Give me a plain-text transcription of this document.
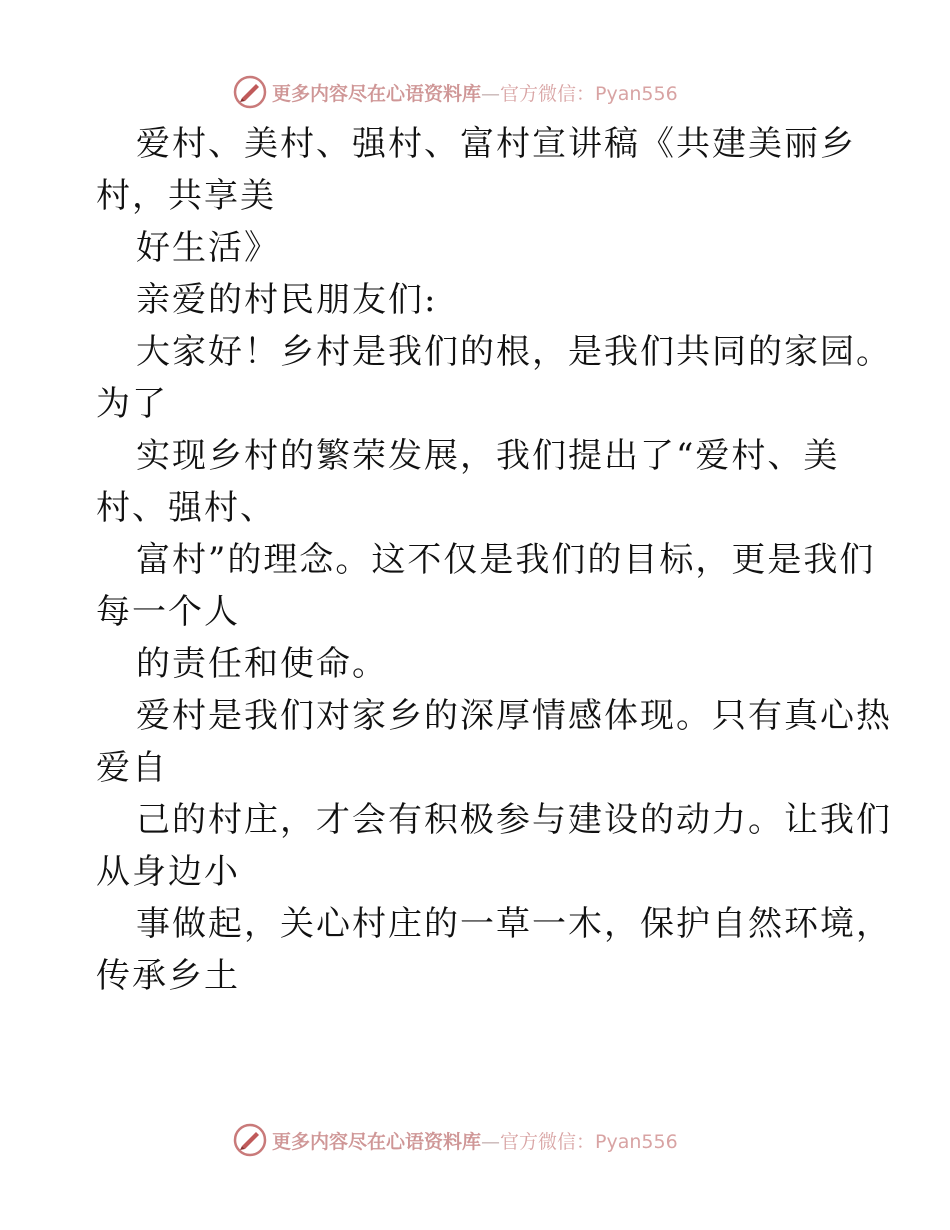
更多内容尽在心语资料库—官方微信：Pyan556
爱村、美村、强村、富村宣讲稿《共建美丽乡
村，共享美
好生活》
亲爱的村民朋友们:
大家好！乡村是我们的根，是我们共同的家园。
为了
实现乡村的繁荣发展，我们提出了“爱村、美
村、强村、
富村”的理念。这不仅是我们的目标，更是我们
每一个人
的责任和使命。
爱村是我们对家乡的深厚情感体现。只有真心热
爱自
己的村庄，才会有积极参与建设的动力。让我们
从身边小
事做起，关心村庄的一草一木，保护自然环境，
传承乡土
更多内容尽在心语资料库—官方微信：Pyan556
